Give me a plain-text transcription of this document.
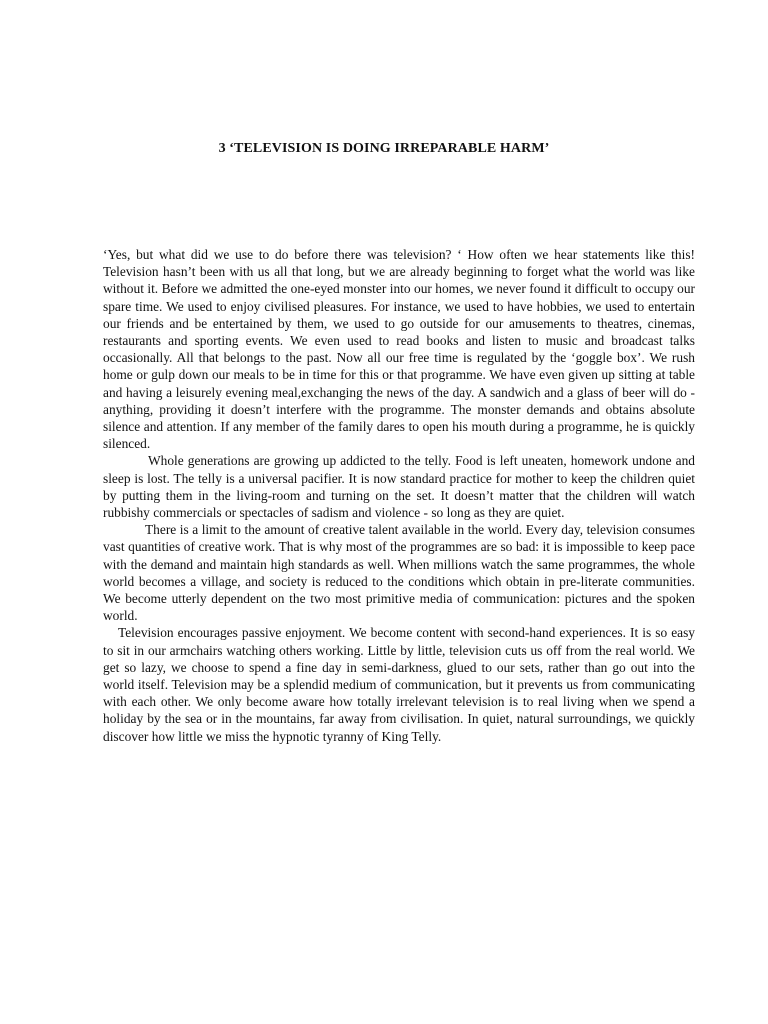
3 ‘TELEVISION IS DOING IRREPARABLE HARM’

‘Yes, but what did we use to do before there was television? ‘ How often we hear statements like this! Television hasn’t been with us all that long, but we are already beginning to forget what the world was like without it. Before we admitted the one-eyed monster into our homes, we never found it difficult to occupy our spare time. We used to enjoy civilised pleasures. For instance, we used to have hobbies, we used to entertain our friends and be entertained by them, we used to go outside for our amusements to theatres, cinemas, restaurants and sporting events. We even used to read books and listen to music and broadcast talks occasionally. All that belongs to the past. Now all our free time is regulated by the ‘goggle box’. We rush home or gulp down our meals to be in time for this or that programme. We have even given up sitting at table and having a leisurely evening meal,exchanging the news of the day. A sandwich and a glass of beer will do - anything, providing it doesn’t interfere with the programme. The monster demands and obtains absolute silence and attention. If any member of the family dares to open his mouth during a programme, he is quickly silenced.

Whole generations are growing up addicted to the telly. Food is left uneaten, homework undone and sleep is lost. The telly is a universal pacifier. It is now standard practice for mother to keep the children quiet by putting them in the living-room and turning on the set. It doesn’t matter that the children will watch rubbishy commercials or spectacles of sadism and violence - so long as they are quiet.

There is a limit to the amount of creative talent available in the world. Every day, television consumes vast quantities of creative work. That is why most of the programmes are so bad: it is impossible to keep pace with the demand and maintain high standards as well. When millions watch the same programmes, the whole world becomes a village, and society is reduced to the conditions which obtain in pre-literate communities. We become utterly dependent on the two most primitive media of communication: pictures and the spoken world.

Television encourages passive enjoyment. We become content with second-hand experiences. It is so easy to sit in our armchairs watching others working. Little by little, television cuts us off from the real world. We get so lazy, we choose to spend a fine day in semi-darkness, glued to our sets, rather than go out into the world itself. Television may be a splendid medium of communication, but it prevents us from communicating with each other. We only become aware how totally irrelevant television is to real living when we spend a holiday by the sea or in the mountains, far away from civilisation. In quiet, natural surroundings, we quickly discover how little we miss the hypnotic tyranny of King Telly.
